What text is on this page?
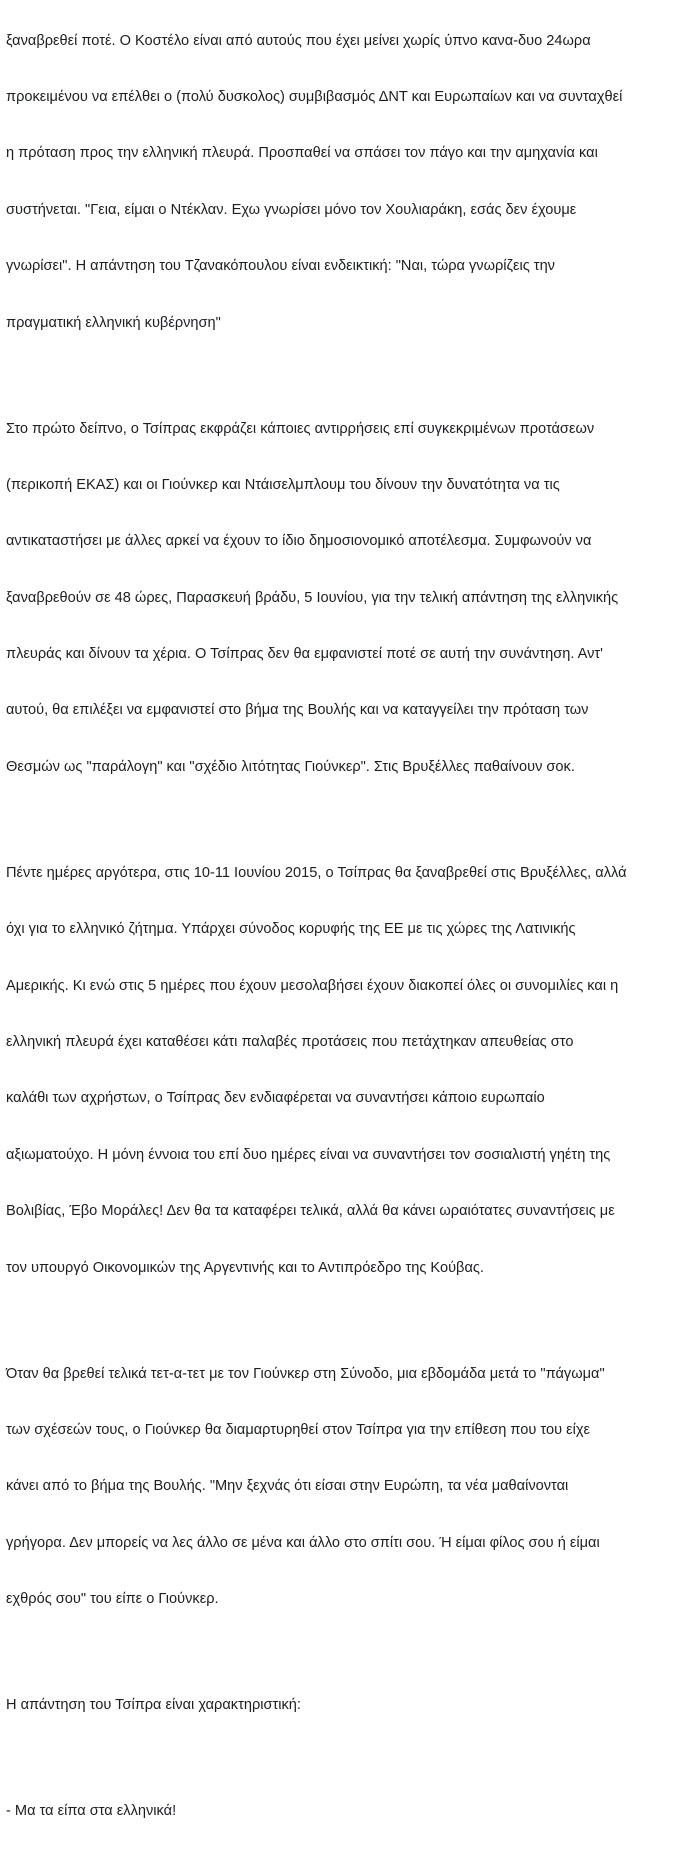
ξαναβρεθεί ποτέ. Ο Κοστέλο είναι από αυτούς που έχει μείνει χωρίς ύπνο κανα-δυο 24ωρα

προκειμένου να επέλθει ο (πολύ δυσκολος) συμβιβασμός ΔΝΤ και Ευρωπαίων και να συνταχθεί

η πρόταση προς την ελληνική πλευρά. Προσπαθεί να σπάσει τον πάγο και την αμηχανία και

συστήνεται. "Γεια, είμαι ο Ντέκλαν. Εχω γνωρίσει μόνο τον Χουλιαράκη, εσάς δεν έχουμε

γνωρίσει". Η απάντηση του Τζανακόπουλου είναι ενδεικτική: "Ναι, τώρα γνωρίζεις την

πραγματική ελληνική κυβέρνηση"

Στο πρώτο δείπνο, ο Τσίπρας εκφράζει κάποιες αντιρρήσεις επί συγκεκριμένων προτάσεων

(περικοπή ΕΚΑΣ) και οι Γιούνκερ και Ντάισελμπλουμ του δίνουν την δυνατότητα να τις

αντικαταστήσει με άλλες αρκεί να έχουν το ίδιο δημοσιονομικό αποτέλεσμα. Συμφωνούν να

ξαναβρεθούν σε 48 ώρες, Παρασκευή βράδυ, 5 Ιουνίου, για την τελική απάντηση της ελληνικής

πλευράς και δίνουν τα χέρια. Ο Τσίπρας δεν θα εμφανιστεί ποτέ σε αυτή την συνάντηση. Αντ'

αυτού, θα επιλέξει να εμφανιστεί στο βήμα της Βουλής και να καταγγείλει την πρόταση των

Θεσμών ως "παράλογη" και "σχέδιο λιτότητας Γιούνκερ". Στις Βρυξέλλες παθαίνουν σοκ.

Πέντε ημέρες αργότερα, στις 10-11 Ιουνίου 2015, ο Τσίπρας θα ξαναβρεθεί στις Βρυξέλλες, αλλά

όχι για το ελληνικό ζήτημα. Υπάρχει σύνοδος κορυφής της ΕΕ με τις χώρες της Λατινικής

Αμερικής. Κι ενώ στις 5 ημέρες που έχουν μεσολαβήσει έχουν διακοπεί όλες οι συνομιλίες και η

ελληνική πλευρά έχει καταθέσει κάτι παλαβές προτάσεις που πετάχτηκαν απευθείας στο

καλάθι των αχρήστων, ο Τσίπρας δεν ενδιαφέρεται να συναντήσει κάποιο ευρωπαίο

αξιωματούχο. Η μόνη έννοια του επί δυο ημέρες είναι να συναντήσει τον σοσιαλιστή γηέτη της

Βολιβίας, Έβο Μοράλες! Δεν θα τα καταφέρει τελικά, αλλά θα κάνει ωραιότατες συναντήσεις με

τον υπουργό Οικονομικών της Αργεντινής και το Αντιπρόεδρο της Κούβας.

Όταν θα βρεθεί τελικά τετ-α-τετ με τον Γιούνκερ στη Σύνοδο, μια εβδομάδα μετά το "πάγωμα"

των σχέσεών τους, ο Γιούνκερ θα διαμαρτυρηθεί στον Τσίπρα για την επίθεση που του είχε

κάνει από το βήμα της Βουλής. "Μην ξεχνάς ότι είσαι στην Ευρώπη, τα νέα μαθαίνονται

γρήγορα. Δεν μπορείς να λες άλλο σε μένα και άλλο στο σπίτι σου. Ή είμαι φίλος σου ή είμαι

εχθρός σου" του είπε ο Γιούνκερ.

Η απάντηση του Τσίπρα είναι χαρακτηριστική:

- Μα τα είπα στα ελληνικά!
